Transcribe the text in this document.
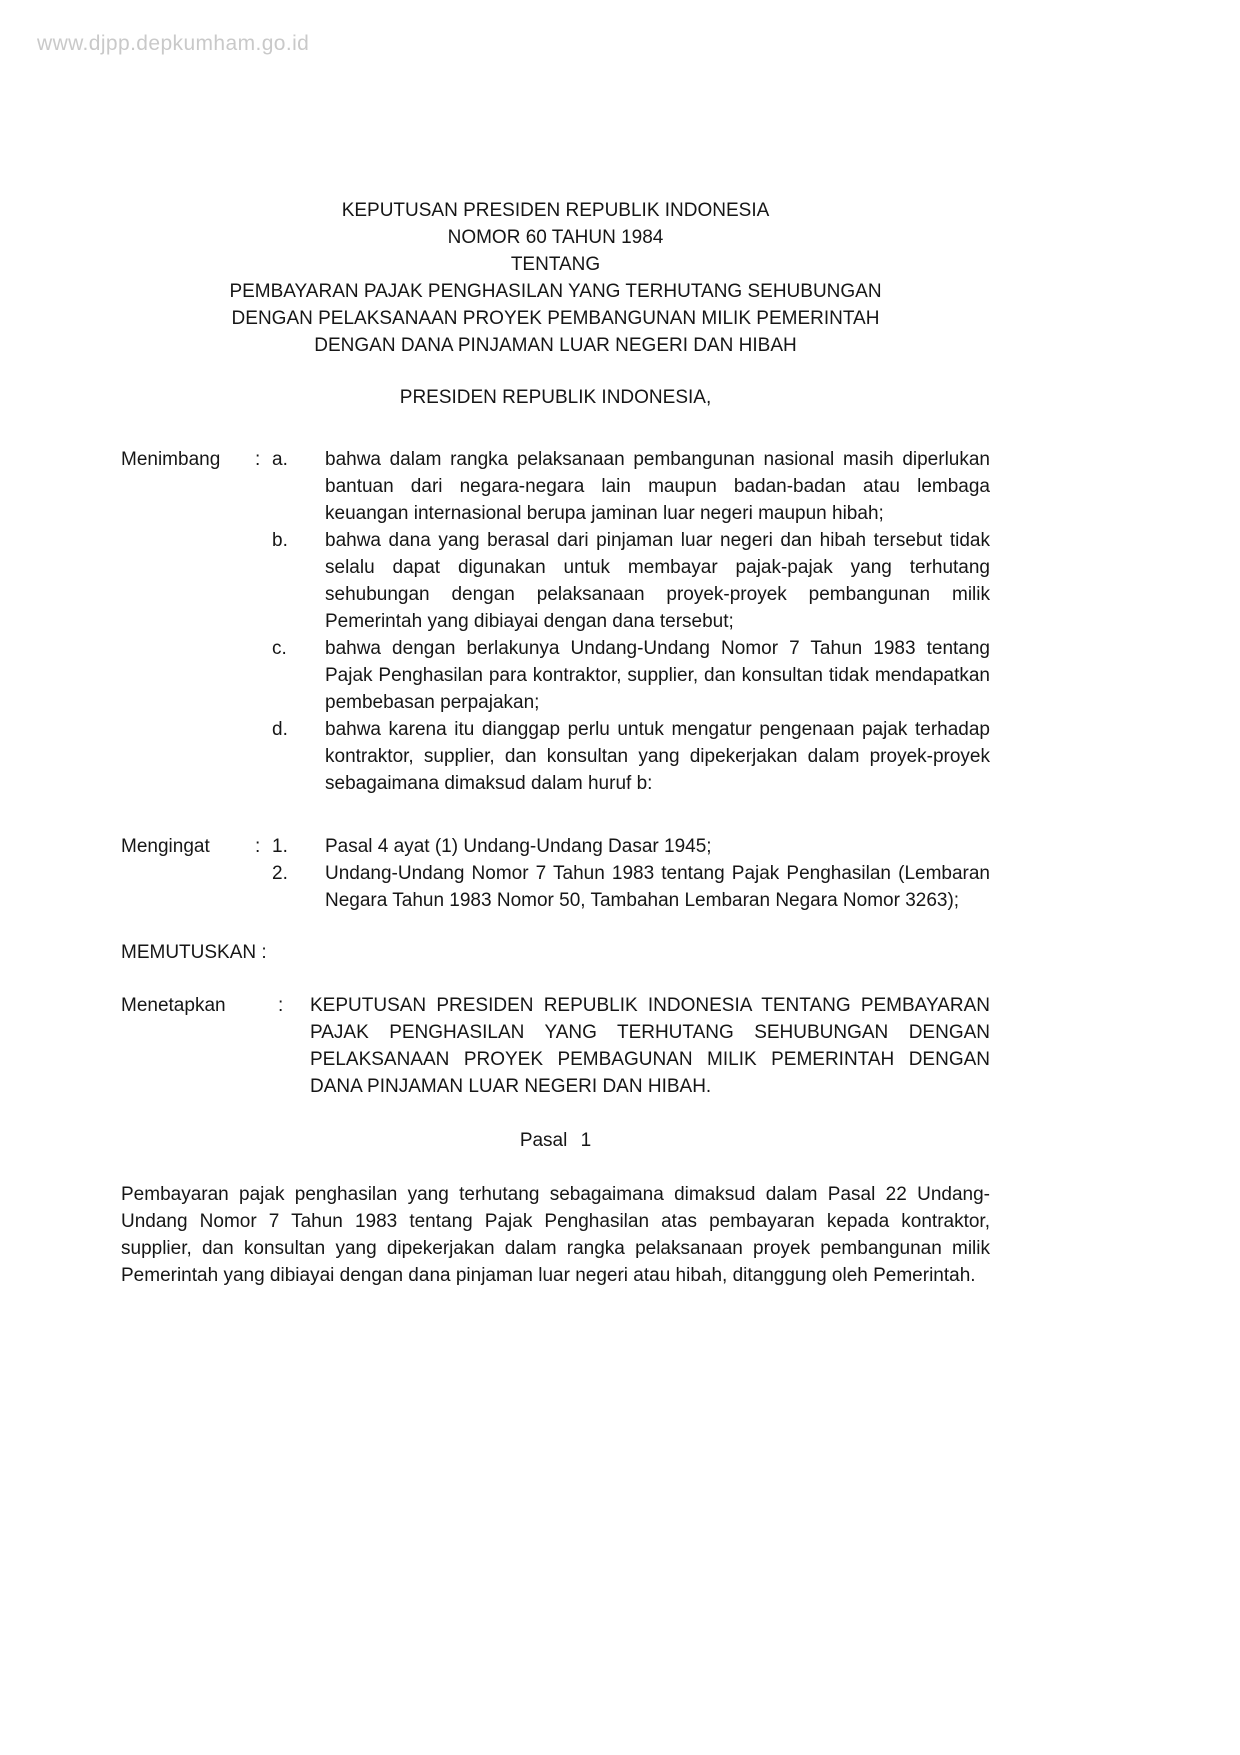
www.djpp.depkumham.go.id
KEPUTUSAN PRESIDEN REPUBLIK INDONESIA
NOMOR 60 TAHUN 1984
TENTANG
PEMBAYARAN PAJAK PENGHASILAN YANG TERHUTANG SEHUBUNGAN
DENGAN PELAKSANAAN PROYEK PEMBANGUNAN MILIK PEMERINTAH
DENGAN DANA PINJAMAN LUAR NEGERI DAN HIBAH
PRESIDEN REPUBLIK INDONESIA,
Menimbang	: a.	bahwa dalam rangka pelaksanaan pembangunan nasional masih diperlukan bantuan dari negara-negara lain maupun badan-badan atau lembaga keuangan internasional berupa jaminan luar negeri maupun hibah;
b.	bahwa dana yang berasal dari pinjaman luar negeri dan hibah tersebut tidak selalu dapat digunakan untuk membayar pajak-pajak yang terhutang sehubungan dengan pelaksanaan proyek-proyek pembangunan milik Pemerintah yang dibiayai dengan dana tersebut;
c.	bahwa dengan berlakunya Undang-Undang Nomor 7 Tahun 1983 tentang Pajak Penghasilan para kontraktor, supplier, dan konsultan tidak mendapatkan pembebasan perpajakan;
d.	bahwa karena itu dianggap perlu untuk mengatur pengenaan pajak terhadap kontraktor, supplier, dan konsultan yang dipekerjakan dalam proyek-proyek sebagaimana dimaksud dalam huruf b:
Mengingat	: 1.	Pasal 4 ayat (1) Undang-Undang Dasar 1945;
2.	Undang-Undang Nomor 7 Tahun 1983 tentang Pajak Penghasilan (Lembaran Negara Tahun 1983 Nomor 50, Tambahan Lembaran Negara Nomor 3263);
MEMUTUSKAN :
Menetapkan	:	KEPUTUSAN PRESIDEN REPUBLIK INDONESIA TENTANG PEMBAYARAN PAJAK PENGHASILAN YANG TERHUTANG SEHUBUNGAN DENGAN PELAKSANAAN PROYEK PEMBAGUNAN MILIK PEMERINTAH DENGAN DANA PINJAMAN LUAR NEGERI DAN HIBAH.
Pasal 1
Pembayaran pajak penghasilan yang terhutang sebagaimana dimaksud dalam Pasal 22 Undang-Undang Nomor 7 Tahun 1983 tentang Pajak Penghasilan atas pembayaran kepada kontraktor, supplier, dan konsultan yang dipekerjakan dalam rangka pelaksanaan proyek pembangunan milik Pemerintah yang dibiayai dengan dana pinjaman luar negeri atau hibah, ditanggung oleh Pemerintah.
